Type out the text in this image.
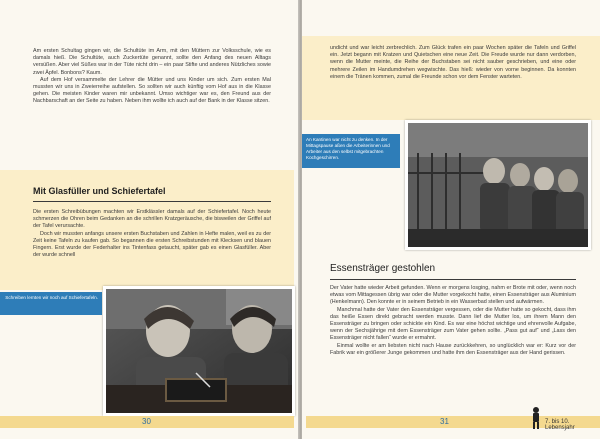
Am ersten Schultag gingen wir, die Schultüte im Arm, mit den Müttern zur Volksschule, wie es damals hieß. Die Schultüte, auch Zuckertüte genannt, sollte den Anfang des neuen Alltags versüßen. Aber viel Süßes war in der Tüte nicht drin – ein paar Stifte und anderes Nützliches sowie zwei Äpfel. Bonbons? Kaum.

Auf dem Hof versammelte der Lehrer die Mütter und uns Kinder um sich. Zum ersten Mal mussten wir uns in Zweierreihe aufstellen. So sollten wir auch künftig vom Hof aus in die Klasse gehen. Die meisten Kinder waren mir unbekannt. Umso wichtiger war es, den Freund aus der Nachbarschaft an der Seite zu haben. Neben ihm wollte ich auch auf der Bank in der Klasse sitzen.

Mit Glasfüller und Schiefertafel

Die ersten Schreibübungen machten wir Erstklässler damals auf der Schiefertafel. Noch heute schmerzen die Ohren beim Gedanken an die schrillen Kratzgeräusche, die bisweilen der Griffel auf der Tafel verursachte.

Doch wir mussten anfangs unsere ersten Buchstaben und Zahlen in Hefte malen, weil es zu der Zeit keine Tafeln zu kaufen gab. So begannen die ersten Schreibstunden mit Klecksen und blauen Fingern. Erst wurde der Federhalter ins Tintenfass getaucht, später gab es einen Glasfüller. Aber der wurde schnell

Schreiben lernten wir noch auf Schiefertafeln.
30

undicht und war leicht zerbrechlich. Zum Glück trafen ein paar Wochen später die Tafeln und Griffel ein. Jetzt begann mit Kratzen und Quietschen eine neue Zeit. Die Freude wurde nur dann verdorben, wenn die Mutter meinte, die Reihe der Buchstaben sei nicht sauber geschrieben, und eine oder mehrere Zeilen im Handumdrehen wegwischte. Das hieß: wieder von vorne beginnen. Da konnten einem die Tränen kommen, zumal die Freunde schon vor dem Fenster warteten.

An Kantinen war nicht zu denken. In der Mittagspause aßen die Arbeiterinnen und Arbeiter aus den selbst mitgebrachten Kochgeschirren.
Essensträger gestohlen

Der Vater hatte wieder Arbeit gefunden. Wenn er morgens losging, nahm er Brote mit oder, wenn noch etwas vom Mittagessen übrig war oder die Mutter vorgekocht hatte, einen Essensträger aus Aluminium (Henkelmann). Den konnte er in seinem Betrieb in ein Wasserbad stellen und aufwärmen.

Manchmal hatte der Vater den Essensträger vergessen, oder die Mutter hatte so gekocht, dass ihm das heiße Essen direkt gebracht werden musste. Dann lief die Mutter los, um ihrem Mann den Essensträger zu bringen oder schickte ein Kind. Es war eine höchst wichtige und ehrenvolle Aufgabe, wenn der Sechsjährige mit dem Essensträger zum Vater gehen sollte. „Pass gut auf“ und „Lass den Essensträger nicht fallen“ wurde er ermahnt.

Einmal wollte er am liebsten nicht nach Hause zurückkehren, so unglücklich war er: Kurz vor der Fabrik war ein größerer Junge gekommen und hatte ihm den Essensträger aus der Hand gerissen.

31	7. bis 10. Lebensjahr
